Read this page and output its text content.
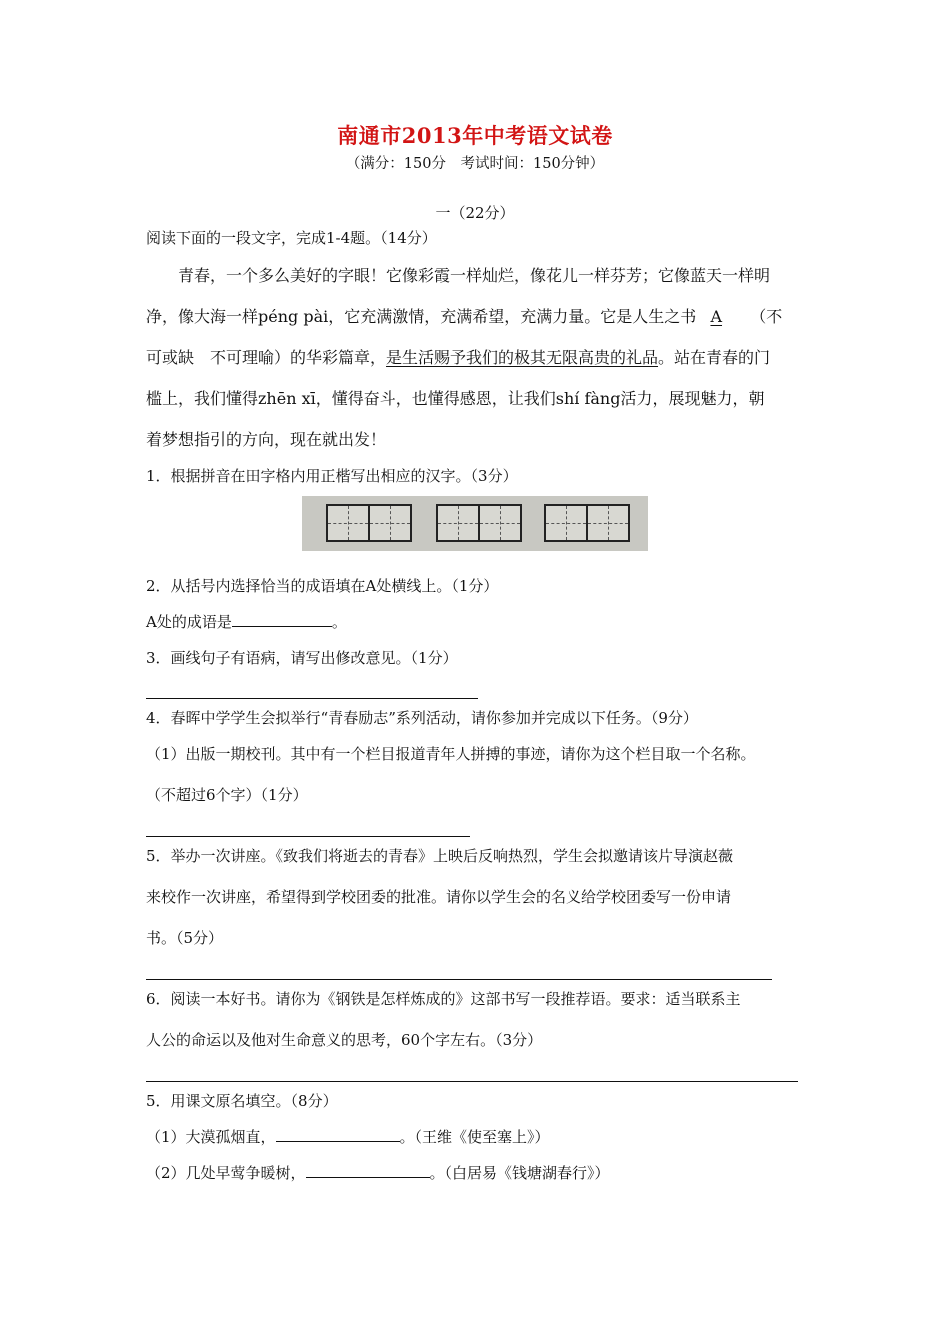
南通市2013年中考语文试卷
（满分：150分　考试时间：150分钟）
一（22分）
阅读下面的一段文字，完成1-4题。（14分）
青春，一个多么美好的字眼！它像彩霞一样灿烂，像花儿一样芬芳；它像蓝天一样明
净，像大海一样péng pài，它充满激情，充满希望，充满力量。它是人生之书 A （不
可或缺　不可理喻）的华彩篇章，是生活赐予我们的极其无限高贵的礼品。站在青春的门
槛上，我们懂得zhēn xī，懂得奋斗，也懂得感恩，让我们shí fàng活力，展现魅力，朝
着梦想指引的方向，现在就出发！
1．根据拼音在田字格内用正楷写出相应的汉字。（3分）
2．从括号内选择恰当的成语填在A处横线上。（1分）
A处的成语是	。
3．画线句子有语病，请写出修改意见。（1分）
4．春晖中学学生会拟举行“青春励志”系列活动，请你参加并完成以下任务。（9分）
（1）出版一期校刊。其中有一个栏目报道青年人拼搏的事迹，请你为这个栏目取一个名称。
（不超过6个字）（1分）
5．举办一次讲座。《致我们将逝去的青春》上映后反响热烈，学生会拟邀请该片导演赵薇
来校作一次讲座，希望得到学校团委的批准。请你以学生会的名义给学校团委写一份申请
书。（5分）
6．阅读一本好书。请你为《钢铁是怎样炼成的》这部书写一段推荐语。要求：适当联系主
人公的命运以及他对生命意义的思考，60个字左右。（3分）
5．用课文原名填空。（8分）
（1）大漠孤烟直，	。（王维《使至塞上》）
（2）几处早莺争暖树，	。（白居易《钱塘湖春行》）
